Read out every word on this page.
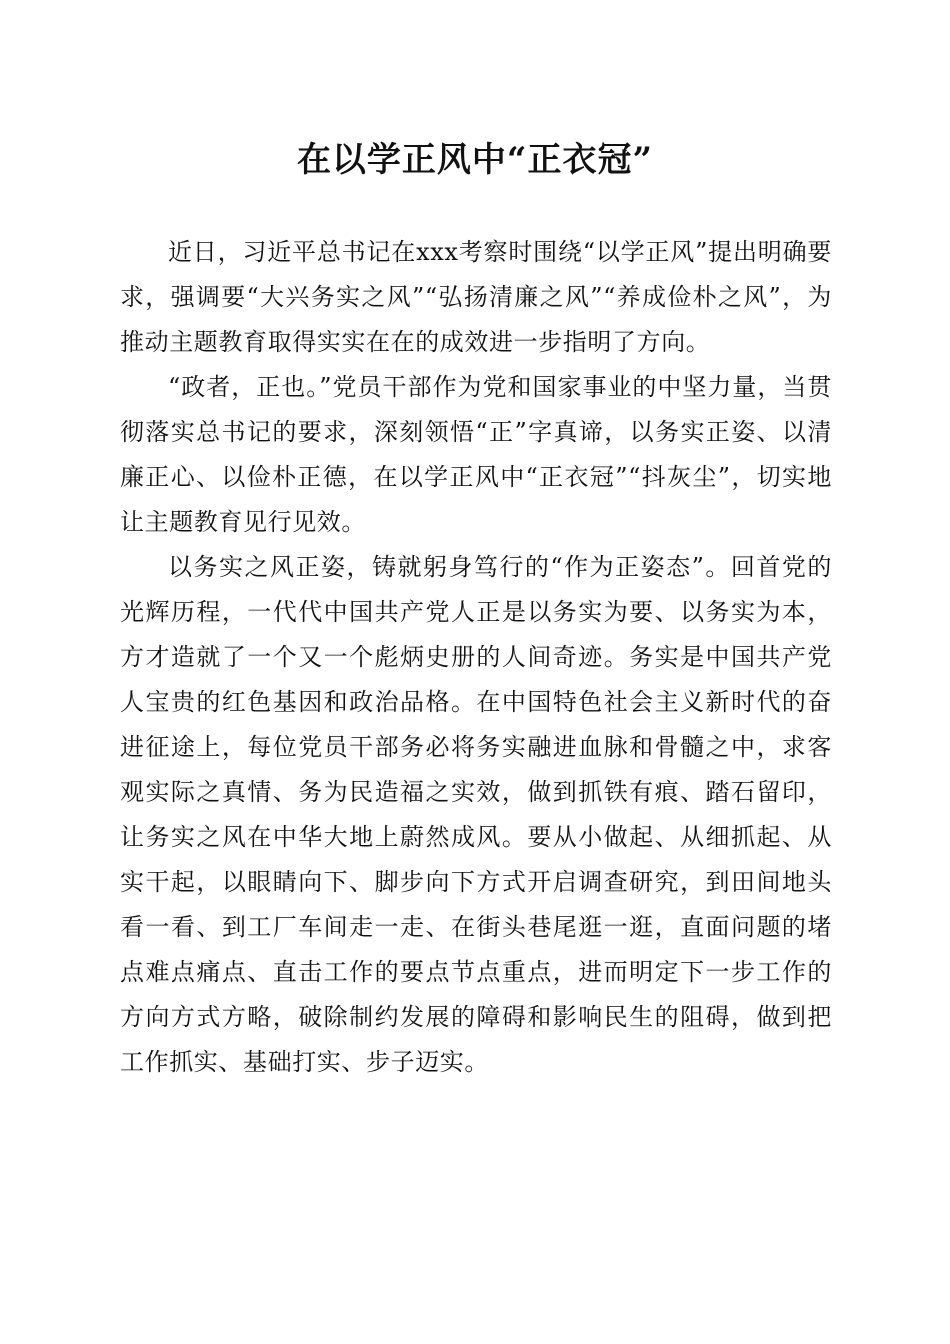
在以学正风中“正衣冠”

近日，习近平总书记在xxx考察时围绕“以学正风”提出明确要求，强调要“大兴务实之风”“弘扬清廉之风”“养成俭朴之风”，为推动主题教育取得实实在在的成效进一步指明了方向。

“政者，正也。”党员干部作为党和国家事业的中坚力量，当贯彻落实总书记的要求，深刻领悟“正”字真谛，以务实正姿、以清廉正心、以俭朴正德，在以学正风中“正衣冠”“抖灰尘”，切实地让主题教育见行见效。

以务实之风正姿，铸就躬身笃行的“作为正姿态”。回首党的光辉历程，一代代中国共产党人正是以务实为要、以务实为本，方才造就了一个又一个彪炳史册的人间奇迹。务实是中国共产党人宝贵的红色基因和政治品格。在中国特色社会主义新时代的奋进征途上，每位党员干部务必将务实融进血脉和骨髓之中，求客观实际之真情、务为民造福之实效，做到抓铁有痕、踏石留印，让务实之风在中华大地上蔚然成风。要从小做起、从细抓起、从实干起，以眼睛向下、脚步向下方式开启调查研究，到田间地头看一看、到工厂车间走一走、在街头巷尾逛一逛，直面问题的堵点难点痛点、直击工作的要点节点重点，进而明定下一步工作的方向方式方略，破除制约发展的障碍和影响民生的阻碍，做到把工作抓实、基础打实、步子迈实。
